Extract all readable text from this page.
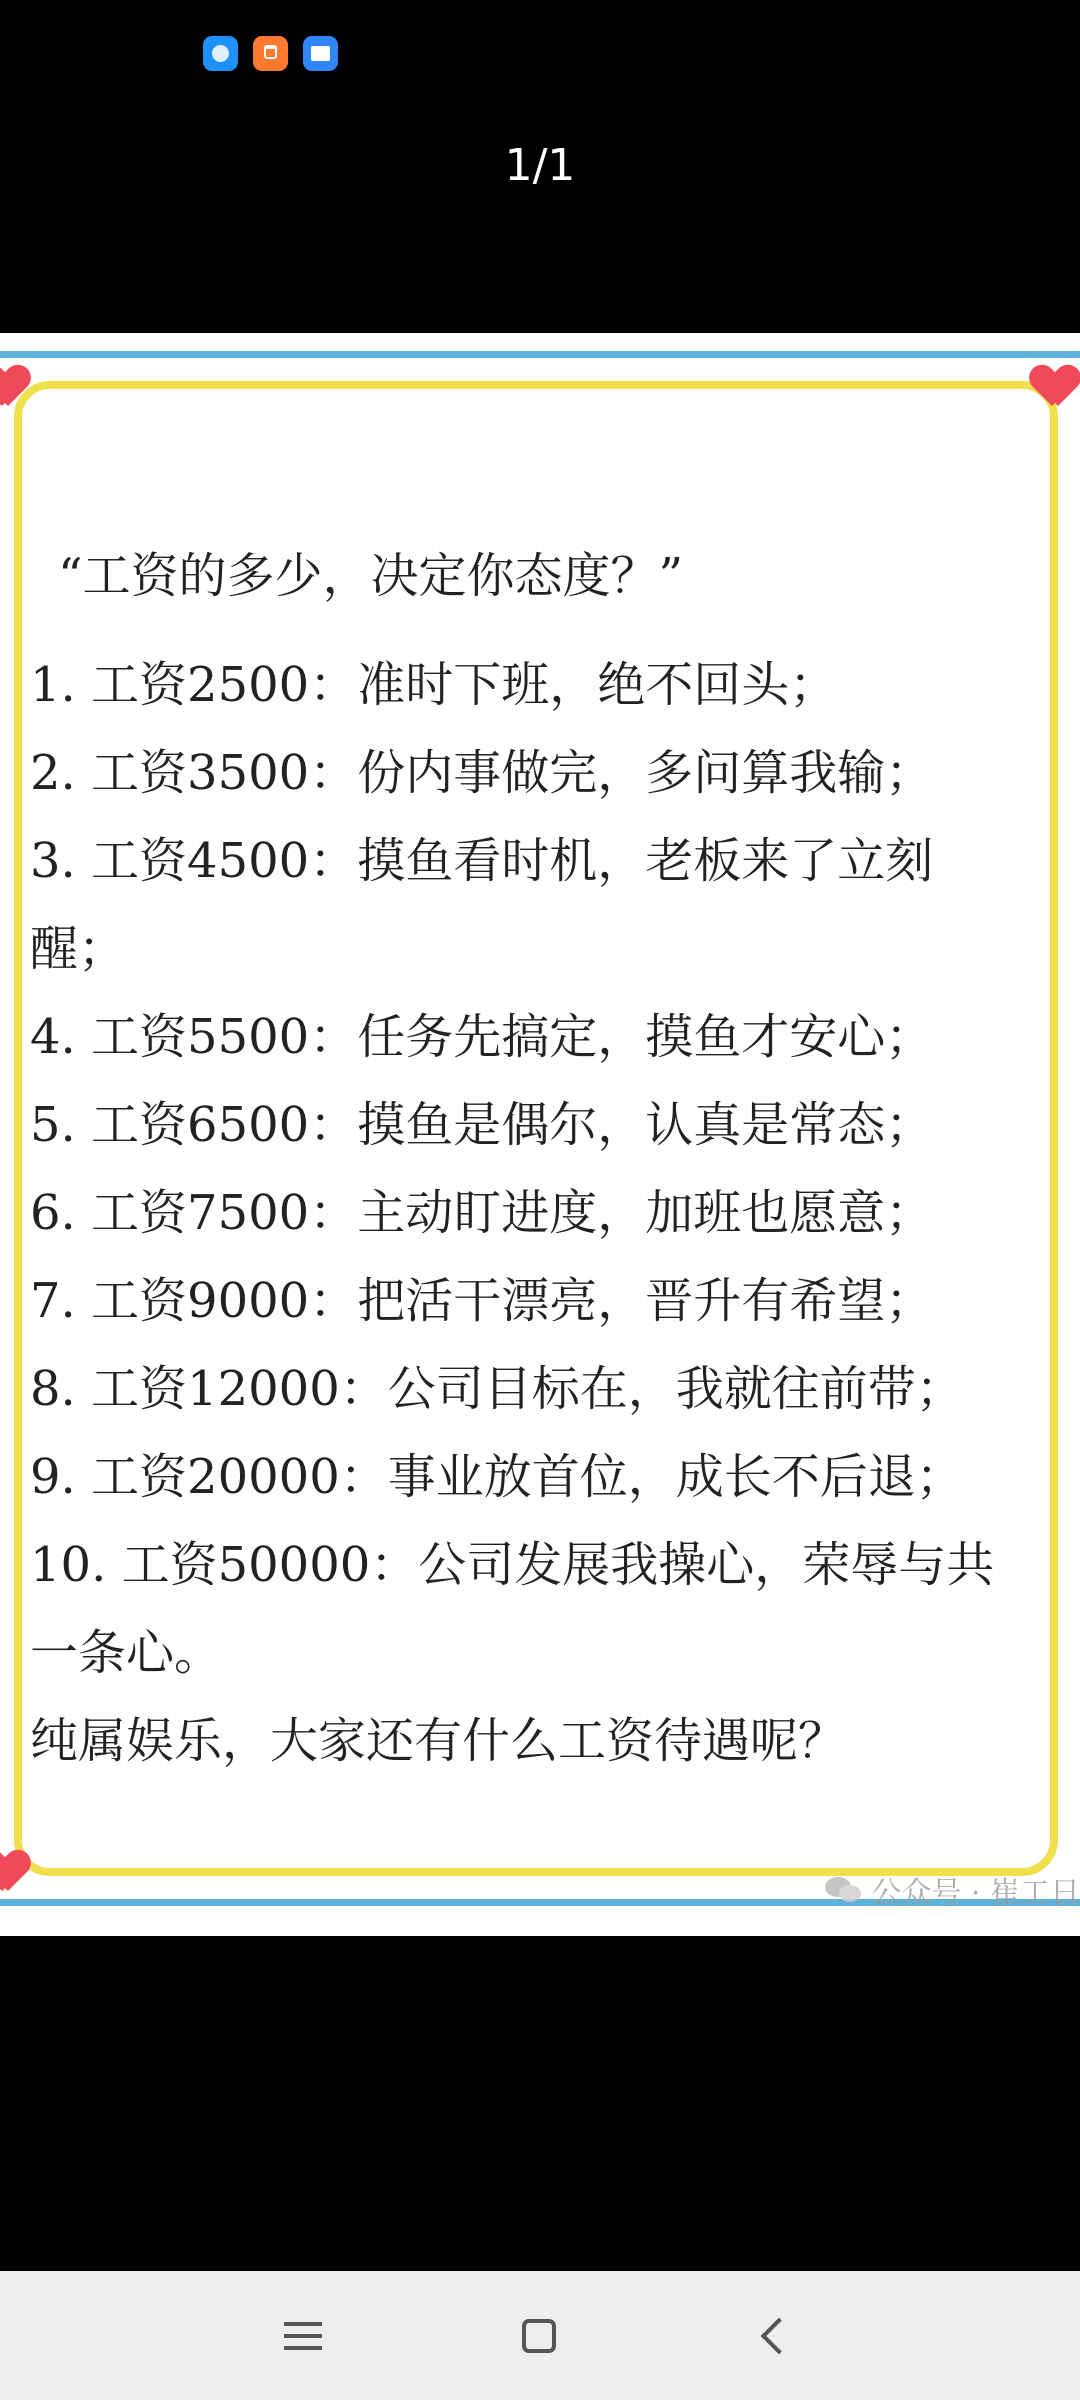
1/1
“工资的多少，决定你态度？”
1. 工资2500：准时下班，绝不回头；
2. 工资3500：份内事做完，多问算我输；
3. 工资4500：摸鱼看时机，老板来了立刻
醒；
4. 工资5500：任务先搞定，摸鱼才安心；
5. 工资6500：摸鱼是偶尔，认真是常态；
6. 工资7500：主动盯进度，加班也愿意；
7. 工资9000：把活干漂亮，晋升有希望；
8. 工资12000：公司目标在，我就往前带；
9. 工资20000：事业放首位，成长不后退；
10. 工资50000：公司发展我操心，荣辱与共
一条心。
纯属娱乐，大家还有什么工资待遇呢？
公众号 · 崔工日
